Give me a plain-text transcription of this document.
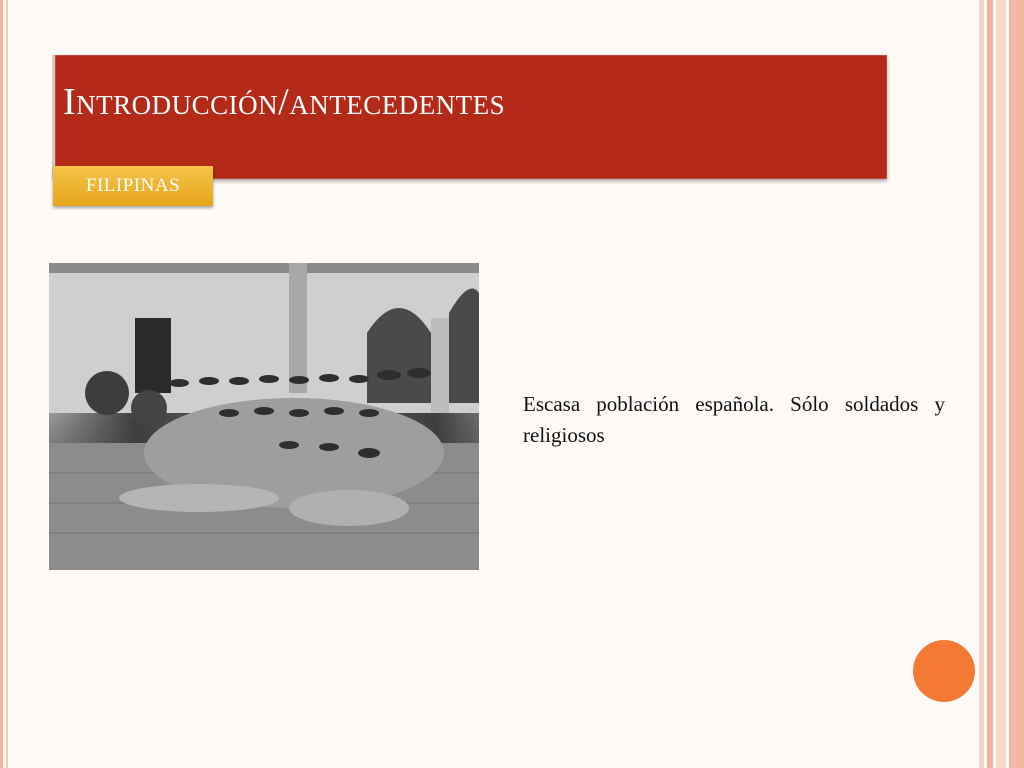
Introducción/antecedentes
FILIPINAS

Escasa población española. Sólo soldados y religiosos
